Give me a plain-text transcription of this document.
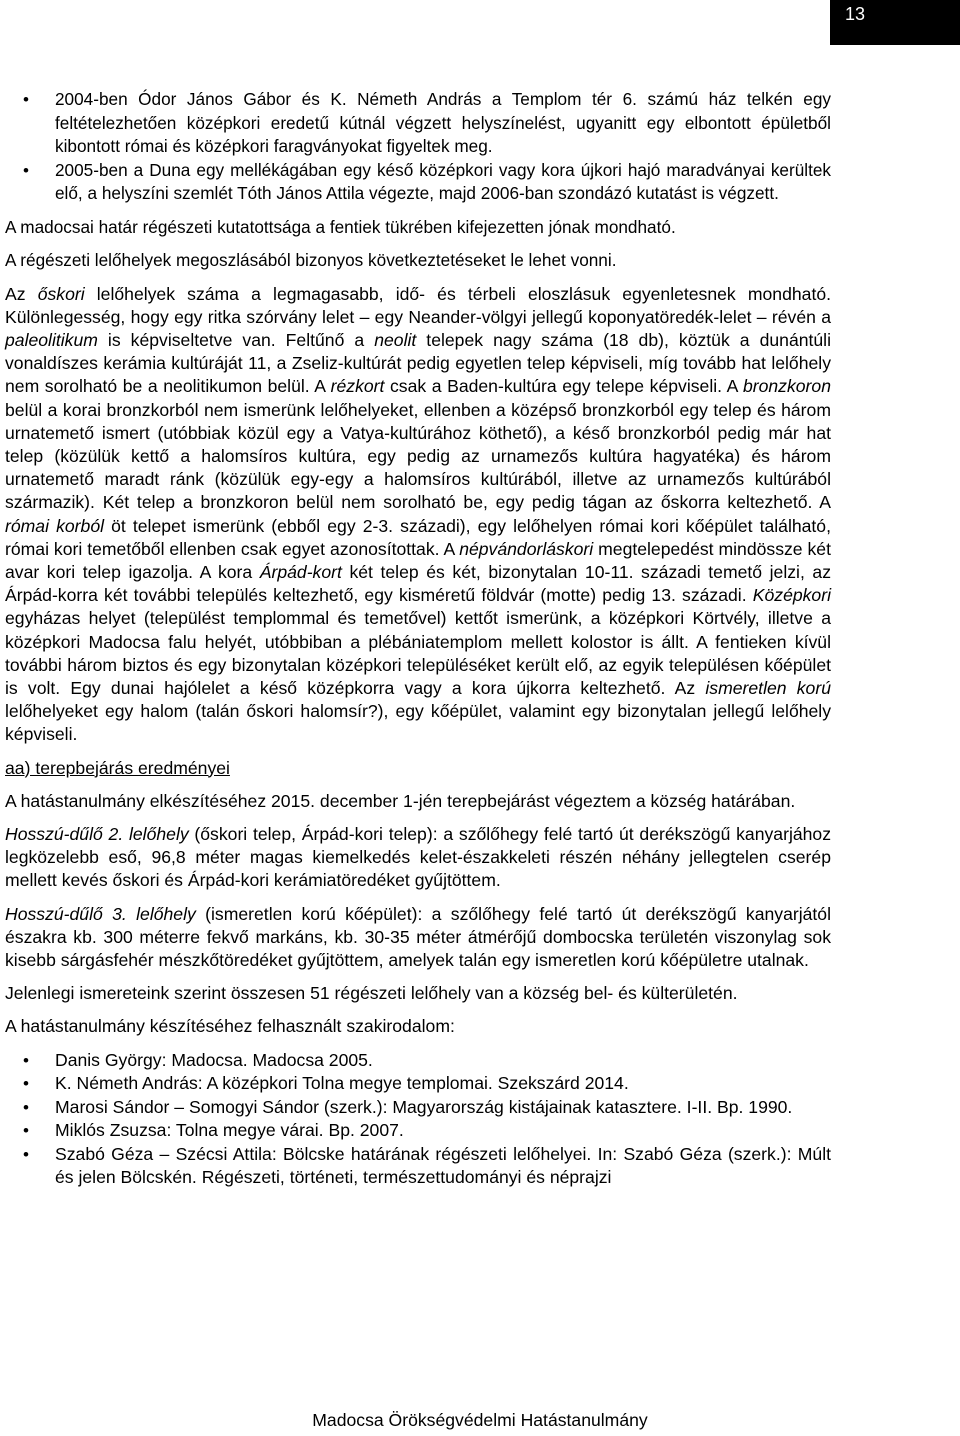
13
• 2004-ben Ódor János Gábor és K. Németh András a Templom tér 6. számú ház telkén egy feltételezhetően középkori eredetű kútnál végzett helyszínelést, ugyanitt egy elbontott épületből kibontott római és középkori faragványokat figyeltek meg.
• 2005-ben a Duna egy mellékágában egy késő középkori vagy kora újkori hajó maradványai kerültek elő, a helyszíni szemlét Tóth János Attila végezte, majd 2006-ban szondázó kutatást is végzett.

A madocsai határ régészeti kutatottsága a fentiek tükrében kifejezetten jónak mondható.

A régészeti lelőhelyek megoszlásából bizonyos következtetéseket le lehet vonni.

Az őskori lelőhelyek száma a legmagasabb, idő- és térbeli eloszlásuk egyenletesnek mondható. Különlegesség, hogy egy ritka szórvány lelet – egy Neander-völgyi jellegű koponyatöredék-lelet – révén a paleolitikum is képviseltetve van. Feltűnő a neolit telepek nagy száma (18 db), köztük a dunántúli vonaldíszes kerámia kultúráját 11, a Zseliz-kultúrát pedig egyetlen telep képviseli, míg tovább hat lelőhely nem sorolható be a neolitikumon belül. A rézkort csak a Baden-kultúra egy telepe képviseli. A bronzkoron belül a korai bronzkorból nem ismerünk lelőhelyeket, ellenben a középső bronzkorból egy telep és három urnatemető ismert (utóbbiak közül egy a Vatya-kultúrához köthető), a késő bronzkorból pedig már hat telep (közülük kettő a halomsíros kultúra, egy pedig az urnamezős kultúra hagyatéka) és három urnatemető maradt ránk (közülük egy-egy a halomsíros kultúrából, illetve az urnamezős kultúrából származik). Két telep a bronzkoron belül nem sorolható be, egy pedig tágan az őskorra keltezhető. A római korból öt telepet ismerünk (ebből egy 2-3. századi), egy lelőhelyen római kori kőépület található, római kori temetőből ellenben csak egyet azonosítottak. A népvándorláskori megtelepedést mindössze két avar kori telep igazolja. A kora Árpád-kort két telep és két, bizonytalan 10-11. századi temető jelzi, az Árpád-korra két további település keltezhető, egy kisméretű földvár (motte) pedig 13. századi. Középkori egyházas helyet (települést templommal és temetővel) kettőt ismerünk, a középkori Körtvély, illetve a középkori Madocsa falu helyét, utóbbiban a plébániatemplom mellett kolostor is állt. A fentieken kívül további három biztos és egy bizonytalan középkori településéket került elő, az egyik településen kőépület is volt. Egy dunai hajólelet a késő középkorra vagy a kora újkorra keltezhető. Az ismeretlen korú lelőhelyeket egy halom (talán őskori halomsír?), egy kőépület, valamint egy bizonytalan jellegű lelőhely képviseli.

aa) terepbejárás eredményei

A hatástanulmány elkészítéséhez 2015. december 1-jén terepbejárást végeztem a község határában.

Hosszú-dűlő 2. lelőhely (őskori telep, Árpád-kori telep): a szőlőhegy felé tartó út derékszögű kanyarjához legközelebb eső, 96,8 méter magas kiemelkedés kelet-északkeleti részén néhány jellegtelen cserép mellett kevés őskori és Árpád-kori kerámiatöredéket gyűjtöttem.

Hosszú-dűlő 3. lelőhely (ismeretlen korú kőépület): a szőlőhegy felé tartó út derékszögű kanyarjától északra kb. 300 méterre fekvő markáns, kb. 30-35 méter átmérőjű dombocska területén viszonylag sok kisebb sárgásfehér mészkőtöredéket gyűjtöttem, amelyek talán egy ismeretlen korú kőépületre utalnak.

Jelenlegi ismereteink szerint összesen 51 régészeti lelőhely van a község bel- és külterületén.

A hatástanulmány készítéséhez felhasznált szakirodalom:

• Danis György: Madocsa. Madocsa 2005.
• K. Németh András: A középkori Tolna megye templomai. Szekszárd 2014.
• Marosi Sándor – Somogyi Sándor (szerk.): Magyarország kistájainak katasztere. I-II. Bp. 1990.
• Miklós Zsuzsa: Tolna megye várai. Bp. 2007.
• Szabó Géza – Szécsi Attila: Bölcske határának régészeti lelőhelyei. In: Szabó Géza (szerk.): Múlt és jelen Bölcskén. Régészeti, történeti, természettudományi és néprajzi
Madocsa Örökségvédelmi Hatástanulmány
